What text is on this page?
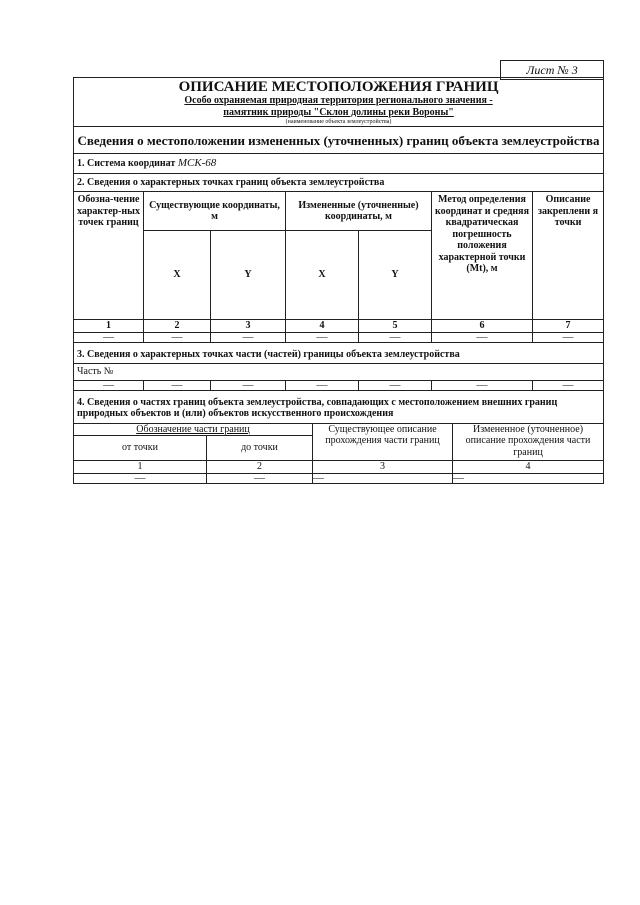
Лист № 3
ОПИСАНИЕ МЕСТОПОЛОЖЕНИЯ ГРАНИЦ
Особо охраняемая природная территория регионального значения -
памятник природы "Склон долины реки Вороны"
(наименование объекта землеустройства)						

Сведения о местоположении измененных (уточненных) границ объекта землеустройства						

1. Система координат МСК-68						
2. Сведения о характерных точках границ объекта землеустройства						
Обозна-чение характер-ных точек границ	Существующие координаты, м		Измененные (уточненные) координаты, м		Метод определения координат и средняя квадратическая погрешность положения характерной точки (Mt), м	Описание закреплени я точки
	X	Y	X	Y		
1	2	3	4	5	6	7
—	—	—	—	—	—	—
3. Сведения о характерных точках части (частей) границы объекта землеустройства						
Часть №						
—	—	—	—	—	—	—
4. Сведения о частях границ объекта землеустройства, совпадающих с местоположением внешних границ природных объектов и (или) объектов искусственного происхождения						
Обозначение части границ		Существующее описание прохождения части границ	Измененное (уточненное) описание прохождения части границ
от точки	до точки		
1	2	3	4
—	—	—	—
